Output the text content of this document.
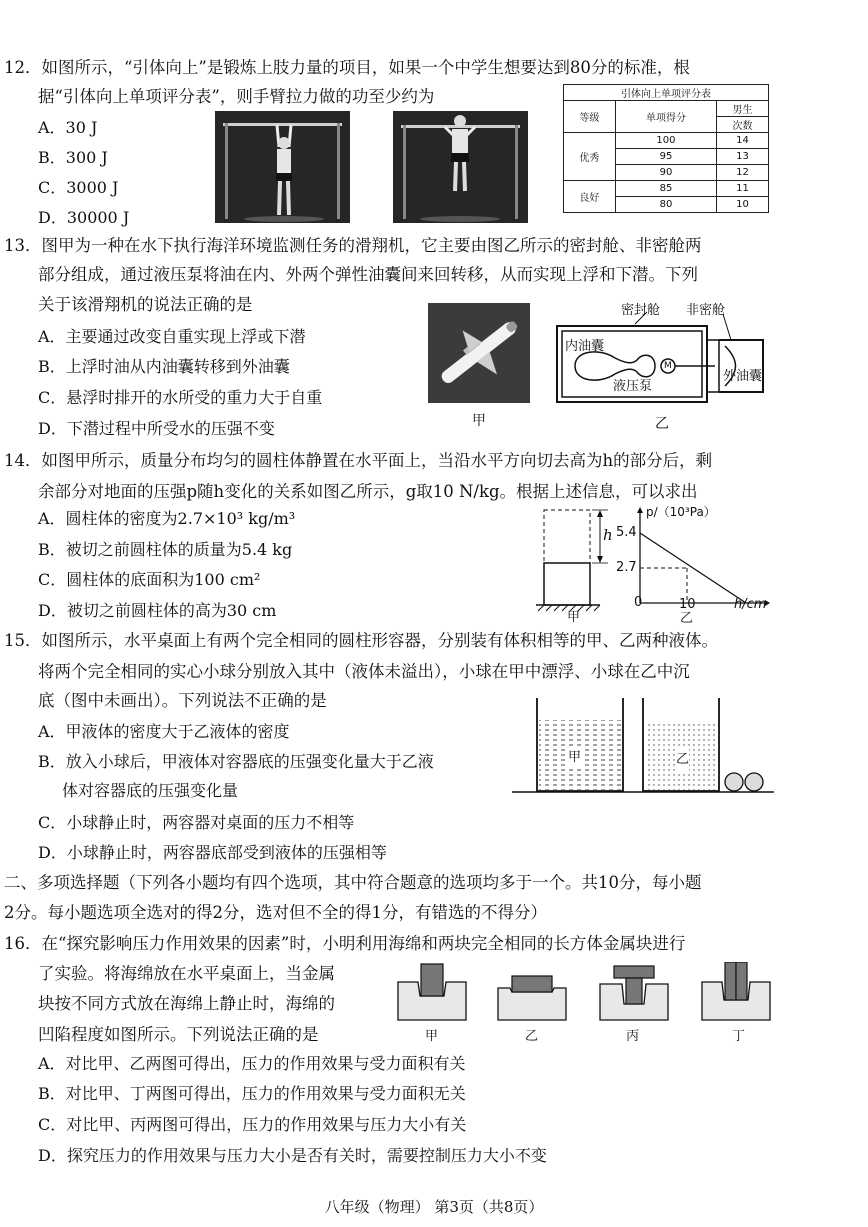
12．如图所示，“引体向上”是锻炼上肢力量的项目，如果一个中学生想要达到80分的标准，根
据“引体向上单项评分表”，则手臂拉力做的功至少约为
A．30 J
B．300 J
C．3000 J
D．30000 J
引体向上单项评分表		
等级	单项得分	男生
		次数
优秀	100	14
	95	13
	90	12
良好	85	11
	80	10
13．图甲为一种在水下执行海洋环境监测任务的滑翔机，它主要由图乙所示的密封舱、非密舱两
部分组成，通过液压泵将油在内、外两个弹性油囊间来回转移，从而实现上浮和下潜。下列
关于该滑翔机的说法正确的是
A．主要通过改变自重实现上浮或下潜
B．上浮时油从内油囊转移到外油囊
C．悬浮时排开的水所受的重力大于自重
D．下潜过程中所受水的压强不变	甲
密封舱 非密舱
内油囊
M
液压泵
外油囊
乙
14．如图甲所示，质量分布均匀的圆柱体静置在水平面上，当沿水平方向切去高为h的部分后，剩
余部分对地面的压强p随h变化的关系如图乙所示，g取10 N/kg。根据上述信息，可以求出
A．圆柱体的密度为2.7×10³ kg/m³
B．被切之前圆柱体的质量为5.4 kg
C．圆柱体的底面积为100 cm²
D．被切之前圆柱体的高为30 cm
h
甲
p/（10³Pa）
5.4
2.7
0	10	h/cm
乙
15．如图所示，水平桌面上有两个完全相同的圆柱形容器，分别装有体积相等的甲、乙两种液体。
将两个完全相同的实心小球分别放入其中（液体未溢出），小球在甲中漂浮、小球在乙中沉
底（图中未画出）。下列说法不正确的是
A．甲液体的密度大于乙液体的密度
B．放入小球后，甲液体对容器底的压强变化量大于乙液
体对容器底的压强变化量
C．小球静止时，两容器对桌面的压力不相等
D．小球静止时，两容器底部受到液体的压强相等
甲	乙
二、多项选择题（下列各小题均有四个选项，其中符合题意的选项均多于一个。共10分，每小题
2分。每小题选项全选对的得2分，选对但不全的得1分，有错选的不得分）
16．在“探究影响压力作用效果的因素”时，小明利用海绵和两块完全相同的长方体金属块进行
了实验。将海绵放在水平桌面上，当金属
块按不同方式放在海绵上静止时，海绵的
凹陷程度如图所示。下列说法正确的是
A．对比甲、乙两图可得出，压力的作用效果与受力面积有关
B．对比甲、丁两图可得出，压力的作用效果与受力面积无关
C．对比甲、丙两图可得出，压力的作用效果与压力大小有关
D．探究压力的作用效果与压力大小是否有关时，需要控制压力大小不变
甲	乙	丙	丁
八年级（物理） 第3页（共8页）
